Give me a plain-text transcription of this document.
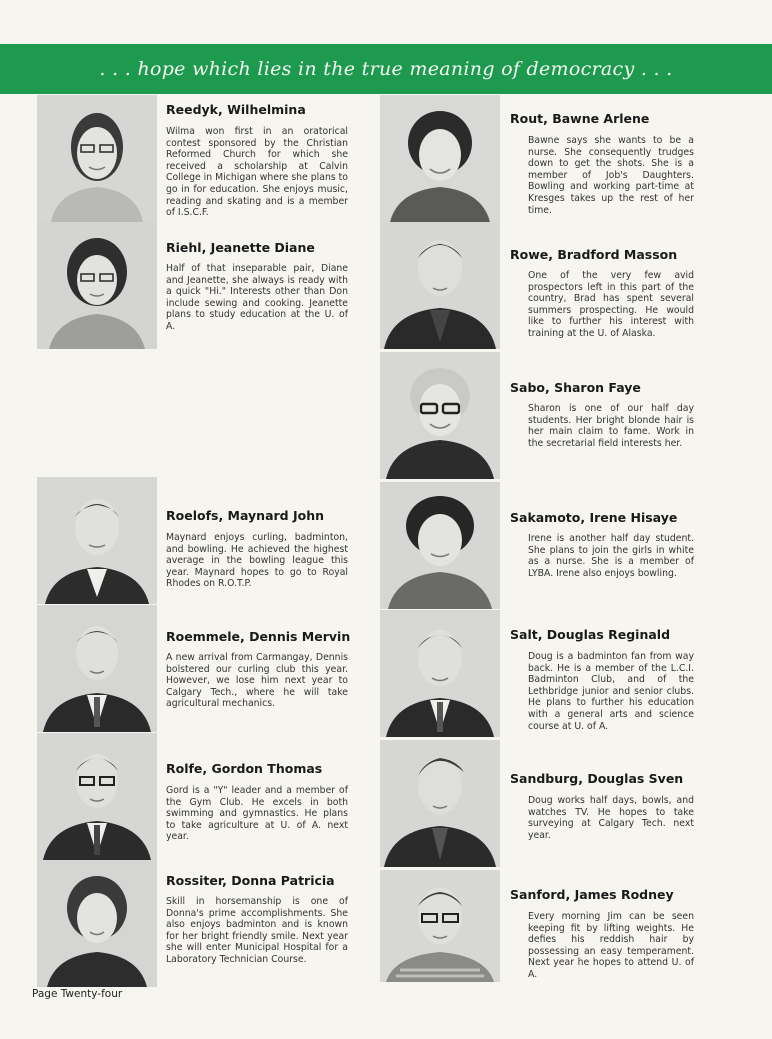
. . . hope which lies in the true meaning of democracy . . .
Reedyk, Wilhelmina
Wilma won first in an oratorical contest sponsored by the Christian Reformed Church for which she received a scholarship at Calvin College in Michigan where she plans to go in for education. She enjoys music, reading and skating and is a member of I.S.C.F.
Riehl, Jeanette Diane
Half of that inseparable pair, Diane and Jeanette, she always is ready with a quick "Hi." Interests other than Don include sewing and cooking. Jeanette plans to study education at the U. of A.
Roelofs, Maynard John
Maynard enjoys curling, badminton, and bowling. He achieved the highest average in the bowling league this year. Maynard hopes to go to Royal Rhodes on R.O.T.P.
Roemmele, Dennis Mervin
A new arrival from Carmangay, Dennis bolstered our curling club this year. However, we lose him next year to Calgary Tech., where he will take agricultural mechanics.
Rolfe, Gordon Thomas
Gord is a "Y" leader and a member of the Gym Club. He excels in both swimming and gymnastics. He plans to take agriculture at U. of A. next year.
Rossiter, Donna Patricia
Skill in horsemanship is one of Donna's prime accomplishments. She also enjoys badminton and is known for her bright friendly smile. Next year she will enter Municipal Hospital for a Laboratory Technician Course.
Rout, Bawne Arlene
Bawne says she wants to be a nurse. She consequently trudges down to get the shots. She is a member of Job's Daughters. Bowling and working part-time at Kresges takes up the rest of her time.
Rowe, Bradford Masson
One of the very few avid prospectors left in this part of the country, Brad has spent several summers prospecting. He would like to further his interest with training at the U. of Alaska.
Sabo, Sharon Faye
Sharon is one of our half day students. Her bright blonde hair is her main claim to fame. Work in the secretarial field interests her.
Sakamoto, Irene Hisaye
Irene is another half day student. She plans to join the girls in white as a nurse. She is a member of LYBA. Irene also enjoys bowling.
Salt, Douglas Reginald
Doug is a badminton fan from way back. He is a member of the L.C.I. Badminton Club, and of the Lethbridge junior and senior clubs. He plans to further his education with a general arts and science course at U. of A.
Sandburg, Douglas Sven
Doug works half days, bowls, and watches TV. He hopes to take surveying at Calgary Tech. next year.
Sanford, James Rodney
Every morning Jim can be seen keeping fit by lifting weights. He defies his reddish hair by possessing an easy temperament. Next year he hopes to attend U. of A.
Page Twenty-four
